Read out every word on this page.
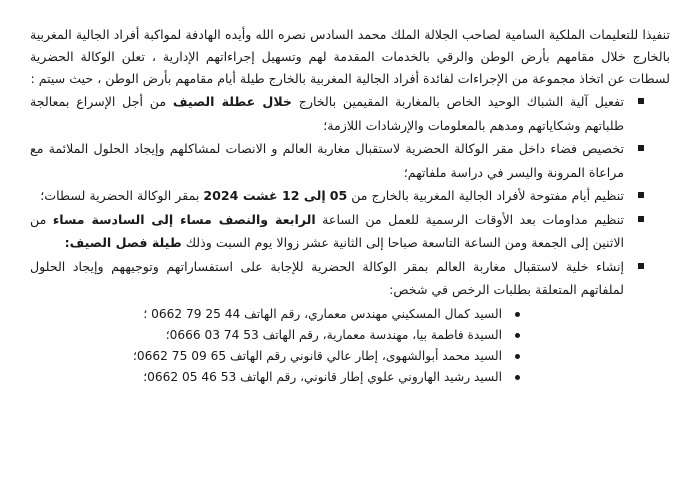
تنفيذا للتعليمات الملكية السامية لصاحب الجلالة الملك محمد السادس نصره الله وأيده الهادفة لمواكبة أفراد الجالية المغربية بالخارج خلال مقامهم بأرض الوطن والرقي بالخدمات المقدمة لهم وتسهيل إجراءاتهم الإدارية ، تعلن الوكالة الحضرية لسطات عن اتخاذ مجموعة من الإجراءات لفائدة أفراد الجالية المغربية بالخارج طيلة أيام مقامهم بأرض الوطن ، حيث سيتم :

تفعيل آلية الشباك الوحيد الخاص بالمغاربة المقيمين بالخارج خلال عطلة الصيف من أجل الإسراع بمعالجة طلباتهم وشكاياتهم ومدهم بالمعلومات والإرشادات اللازمة؛
تخصيص فضاء داخل مقر الوكالة الحضرية لاستقبال مغاربة العالم و الانصات لمشاكلهم وإيجاد الحلول الملائمة مع مراعاة المرونة واليسر في دراسة ملفاتهم؛
تنظيم أيام مفتوحة لأفراد الجالية المغربية بالخارج من 05 إلى 12 غشت 2024 بمقر الوكالة الحضرية لسطات؛
تنظيم مداومات بعد الأوقات الرسمية للعمل من الساعة الرابعة والنصف مساء إلى السادسة مساء من الاثنين إلى الجمعة ومن الساعة التاسعة صباحا إلى الثانية عشر زوالا يوم السبت وذلك طيلة فصل الصيف:
إنشاء خلية لاستقبال مغاربة العالم بمقر الوكالة الحضرية للإجابة على استفساراتهم وتوجيههم وإيجاد الحلول لملفاتهم المتعلقة بطلبات الرخص في شخص:
السيد كمال المسكيني مهندس معماري، رقم الهاتف 0662 79 25 44 ؛
السيدة فاطمة بيا، مهندسة معمارية، رقم الهاتف 0666 03 74 53؛
السيد محمد أبوالشهوى، إطار عالي قانوني رقم الهاتف 0662 75 09 65؛
السيد رشيد الهاروني علوي إطار قانوني، رقم الهاتف 0662 05 46 53؛
